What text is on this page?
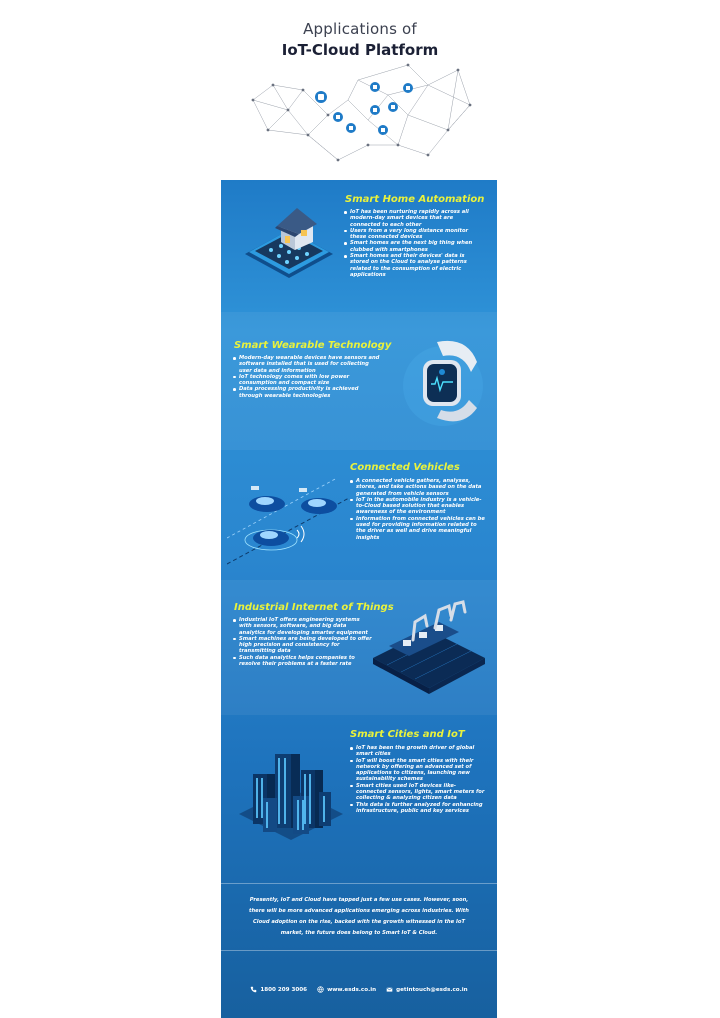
Applications of
IoT-Cloud Platform
Smart Home Automation
IoT has been nurturing rapidly across all modern-day smart devices that are connected to each other
Users from a very long distance monitor these connected devices
Smart homes are the next big thing when clubbed with smartphones
Smart homes and their devices' data is stored on the Cloud to analyse patterns related to the consumption of electric applications
Smart Wearable Technology
Modern-day wearable devices have sensors and software installed that is used for collecting user data and information
IoT technology comes with low power consumption and compact size
Data processing productivity is achieved through wearable technologies
Connected Vehicles
A connected vehicle gathers, analyses, stores, and take actions based on the data generated from vehicle sensors
IoT in the automobile industry is a vehicle-to-Cloud based solution that enables awareness of the environment
Information from connected vehicles can be used for providing information related to the driver as well and drive meaningful insights
Industrial Internet of Things
Industrial IoT offers engineering systems with sensors, software, and big data analytics for developing smarter equipment
Smart machines are being developed to offer high precision and consistency for transmitting data
Such data analytics helps companies to resolve their problems at a faster rate
Smart Cities and IoT
IoT has been the growth driver of global smart cities
IoT will boost the smart cities with their network by offering an advanced set of applications to citizens, launching new sustainability schemes
Smart cities used IoT devices like- connected sensors, lights, smart meters for collecting & analyzing citizen data
This data is further analyzed for enhancing infrastructure, public and key services
Presently, IoT and Cloud have tapped just a few use cases. However, soon, there will be more advanced applications emerging across industries. With Cloud adoption on the rise, backed with the growth witnessed in the IoT market, the future does belong to Smart IoT & Cloud.
1800 209 3006	www.esds.co.in	getintouch@esds.co.in
